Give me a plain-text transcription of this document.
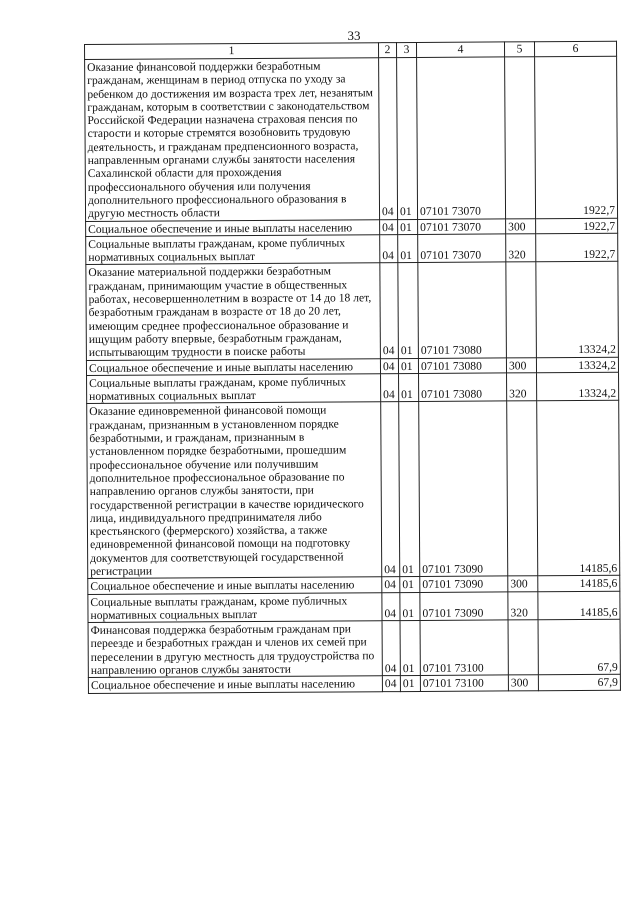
33
1	2	3	4	5	6
Оказание финансовой поддержки безработным гражданам, женщинам в период отпуска по уходу за ребенком до достижения им возраста трех лет, незанятым гражданам, которым в соответствии с законодательством Российской Федерации назначена страховая пенсия по старости и которые стремятся возобновить трудовую деятельность, и гражданам предпенсионного возраста, направленным органами службы занятости населения Сахалинской области для прохождения профессионального обучения или получения дополнительного профессионального образования в другую местность области	04	01	07101 73070		1922,7
Социальное обеспечение и иные выплаты населению	04	01	07101 73070	300	1922,7
Социальные выплаты гражданам, кроме публичных нормативных социальных выплат	04	01	07101 73070	320	1922,7
Оказание материальной поддержки безработным гражданам, принимающим участие в общественных работах, несовершеннолетним в возрасте от 14 до 18 лет, безработным гражданам в возрасте от 18 до 20 лет, имеющим среднее профессиональное образование и ищущим работу впервые, безработным гражданам, испытывающим трудности в поиске работы	04	01	07101 73080		13324,2
Социальное обеспечение и иные выплаты населению	04	01	07101 73080	300	13324,2
Социальные выплаты гражданам, кроме публичных нормативных социальных выплат	04	01	07101 73080	320	13324,2
Оказание единовременной финансовой помощи гражданам, признанным в установленном порядке безработными, и гражданам, признанным в установленном порядке безработными, прошедшим профессиональное обучение или получившим дополнительное профессиональное образование по направлению органов службы занятости, при государственной регистрации в качестве юридического лица, индивидуального предпринимателя либо крестьянского (фермерского) хозяйства, а также единовременной финансовой помощи на подготовку документов для соответствующей государственной регистрации	04	01	07101 73090		14185,6
Социальное обеспечение и иные выплаты населению	04	01	07101 73090	300	14185,6
Социальные выплаты гражданам, кроме публичных нормативных социальных выплат	04	01	07101 73090	320	14185,6
Финансовая поддержка безработным гражданам при переезде и безработных граждан и членов их семей при переселении в другую местность для трудоустройства по направлению органов службы занятости	04	01	07101 73100		67,9
Социальное обеспечение и иные выплаты населению	04	01	07101 73100	300	67,9
